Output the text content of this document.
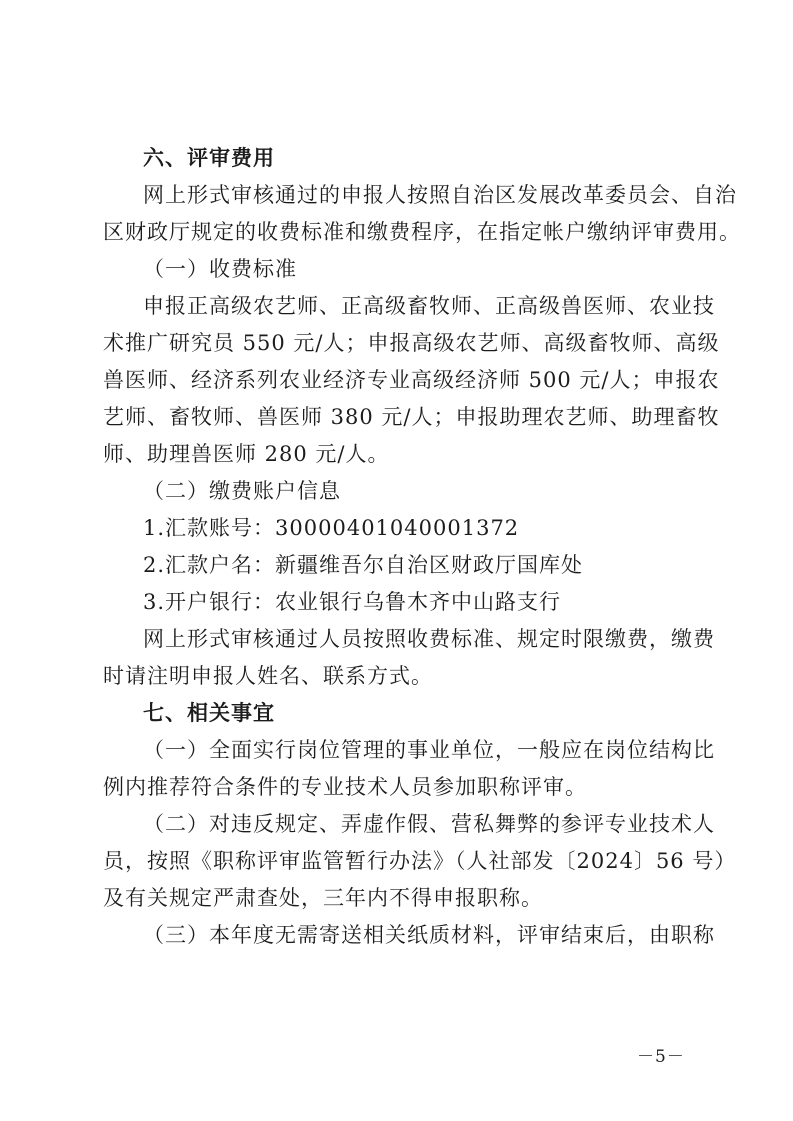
六、评审费用
网上形式审核通过的申报人按照自治区发展改革委员会、自治
区财政厅规定的收费标准和缴费程序，在指定帐户缴纳评审费用。
（一）收费标准
申报正高级农艺师、正高级畜牧师、正高级兽医师、农业技
术推广研究员 550 元/人；申报高级农艺师、高级畜牧师、高级
兽医师、经济系列农业经济专业高级经济师 500 元/人；申报农
艺师、畜牧师、兽医师 380 元/人；申报助理农艺师、助理畜牧
师、助理兽医师 280 元/人。
（二）缴费账户信息
1.汇款账号：30000401040001372
2.汇款户名：新疆维吾尔自治区财政厅国库处
3.开户银行：农业银行乌鲁木齐中山路支行
网上形式审核通过人员按照收费标准、规定时限缴费，缴费
时请注明申报人姓名、联系方式。
七、相关事宜
（一）全面实行岗位管理的事业单位，一般应在岗位结构比
例内推荐符合条件的专业技术人员参加职称评审。
（二）对违反规定、弄虚作假、营私舞弊的参评专业技术人
员，按照《职称评审监管暂行办法》（人社部发〔2024〕56 号）
及有关规定严肃查处，三年内不得申报职称。
（三）本年度无需寄送相关纸质材料，评审结束后，由职称
－5－
